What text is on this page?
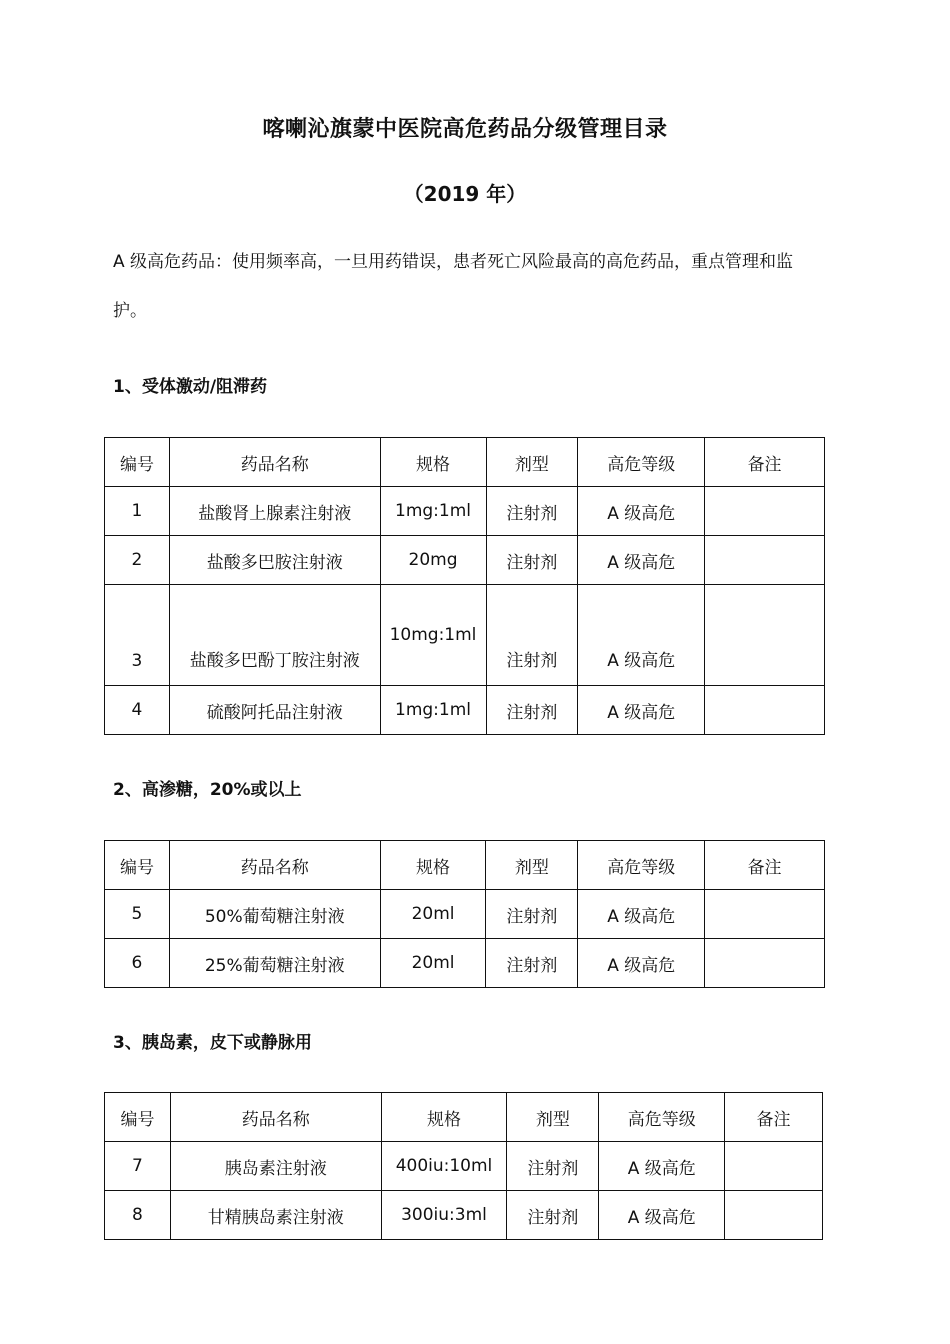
喀喇沁旗蒙中医院高危药品分级管理目录
（2019 年）
A 级高危药品：使用频率高，一旦用药错误，患者死亡风险最高的高危药品，重点管理和监护。
1、受体激动/阻滞药
编号	药品名称	规格	剂型	高危等级	备注
1	盐酸肾上腺素注射液	1mg:1ml	注射剂	A 级高危	
2	盐酸多巴胺注射液	20mg	注射剂	A 级高危	
3	盐酸多巴酚丁胺注射液	10mg:1ml	注射剂	A 级高危	
4	硫酸阿托品注射液	1mg:1ml	注射剂	A 级高危	
2、高渗糖，20%或以上
编号	药品名称	规格	剂型	高危等级	备注
5	50%葡萄糖注射液	20ml	注射剂	A 级高危	
6	25%葡萄糖注射液	20ml	注射剂	A 级高危	
3、胰岛素，皮下或静脉用
编号	药品名称	规格	剂型	高危等级	备注
7	胰岛素注射液	400iu:10ml	注射剂	A 级高危	
8	甘精胰岛素注射液	300iu:3ml	注射剂	A 级高危	
